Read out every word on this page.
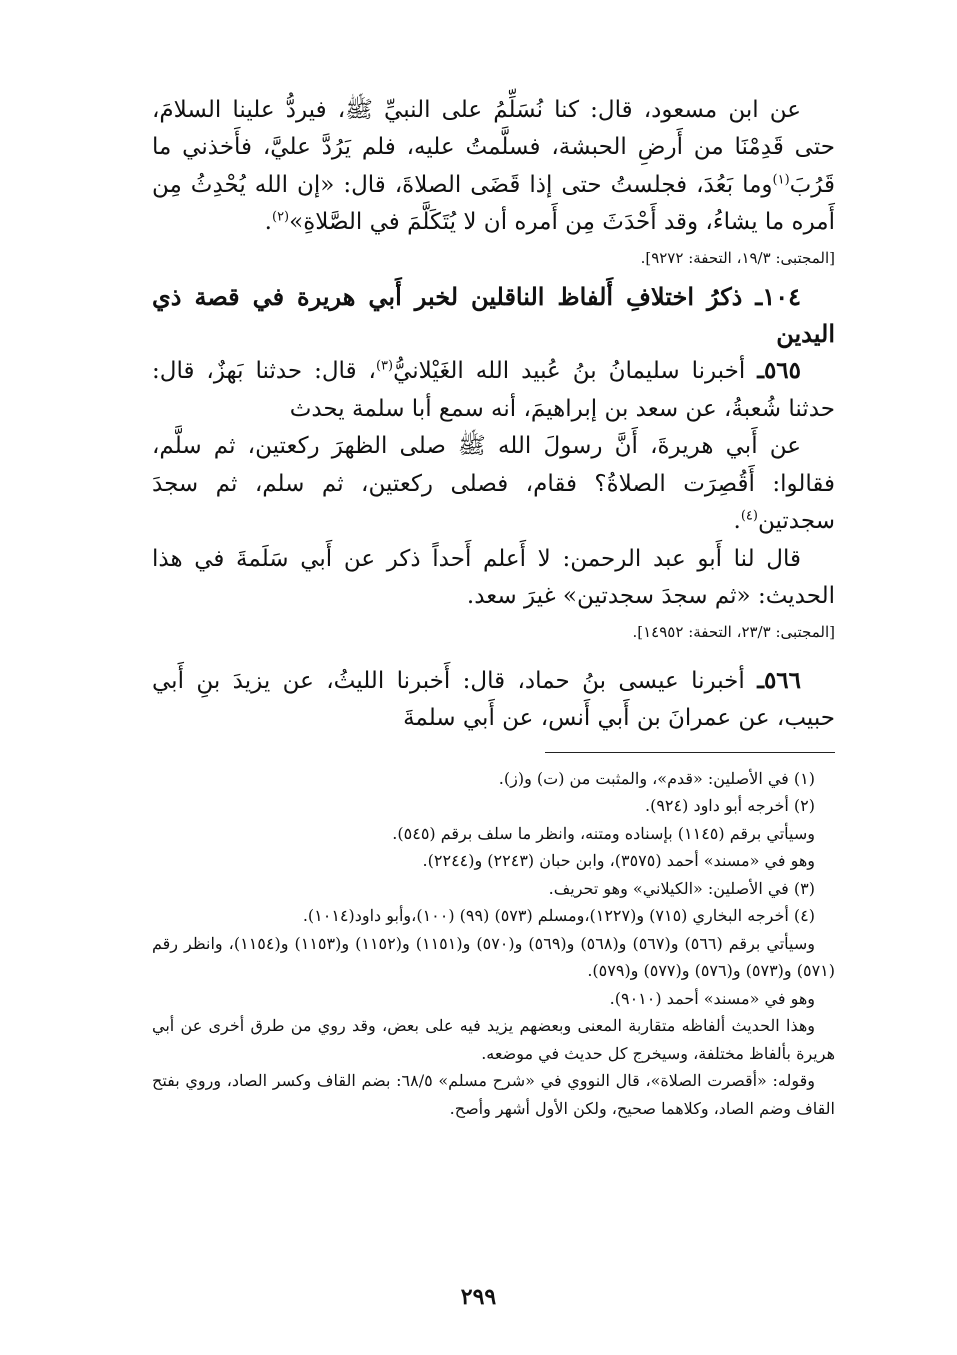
عن ابن مسعود، قال: كنا نُسَلِّمُ على النبيِّ ﷺ، فيردُّ علينا السلامَ، حتى قَدِمْنَا من أَرضِ الحبشة، فسلَّمتُ عليه، فلم يَرُدَّ عليَّ، فأَخذني ما قَرُبَ$^{(١)}$وما بَعُدَ، فجلستُ حتى إذا قَضَى الصلاةَ، قال: «إن الله يُحْدِثُ مِن أَمره ما يشاءُ، وقد أَحْدَثَ مِن أَمره أن لا يُتَكَلَّمَ في الصَّلاةِ»$^{(٢)}$.

[المجتبى: ١٩/٣، التحفة: ٩٢٧٢].

١٠٤ـ ذكرُ اختلافِ أَلفاظ الناقلين لخبر أَبي هريرة في قصة ذي اليدين

٥٦٥ـ أخبرنا سليمانُ بنُ عُبيد الله الغَيْلانيُّ$^{(٣)}$، قال: حدثنا بَهزٌ، قال: حدثنا شُعبةُ، عن سعد بن إبراهيمَ، أنه سمع أبا سلمة يحدث

عن أَبي هريرةَ، أَنَّ رسولَ الله ﷺ صلى الظهرَ ركعتين، ثم سلَّم، فقالوا: أَقُصِرَت الصلاةُ؟ فقام، فصلى ركعتين، ثم سلم، ثم سجدَ سجدتين$^{(٤)}$.

قال لنا أَبو عبد الرحمن: لا أَعلم أَحداً ذكر عن أَبي سَلَمةَ في هذا الحديث: «ثم سجدَ سجدتين» غيرَ سعد.

[المجتبى: ٢٣/٣، التحفة: ١٤٩٥٢].

٥٦٦ـ أخبرنا عيسى بنُ حماد، قال: أَخبرنا الليثُ، عن يزيدَ بنِ أَبي حبيب، عن عمرانَ بن أَبي أَنس، عن أَبي سلمةَ

(١) في الأصلين: «قدم»، والمثبت من (ت) و(ز).

(٢) أخرجه أبو داود (٩٢٤).

وسيأتي برقم (١١٤٥) بإسناده ومتنه، وانظر ما سلف برقم (٥٤٥).

وهو في «مسند» أحمد (٣٥٧٥)، وابن حبان (٢٢٤٣) و(٢٢٤٤).

(٣) في الأصلين: «الكيلاني» وهو تحريف.

(٤) أخرجه البخاري (٧١٥) و(١٢٢٧)،ومسلم (٥٧٣) (٩٩) (١٠٠)،وأبو داود(١٠١٤).

وسيأتي برقم (٥٦٦) و(٥٦٧) و(٥٦٨) و(٥٦٩) و(٥٧٠) و(١١٥١) و(١١٥٢) و(١١٥٣) و(١١٥٤)، وانظر رقم (٥٧١) و(٥٧٣) و(٥٧٦) و(٥٧٧) و(٥٧٩).

وهو في «مسند» أحمد (٩٠١٠).

وهذا الحديث ألفاظه متقاربة المعنى وبعضهم يزيد فيه على بعض، وقد روي من طرق أخرى عن أبي هريرة بألفاظ مختلفة، وسيخرج كل حديث في موضعه.

وقوله: «أقصرت الصلاة»، قال النووي في «شرح مسلم» ٦٨/٥: بضم القاف وكسر الصاد، وروي بفتح القاف وضم الصاد، وكلاهما صحيح، ولكن الأول أشهر وأصح.

٢٩٩
